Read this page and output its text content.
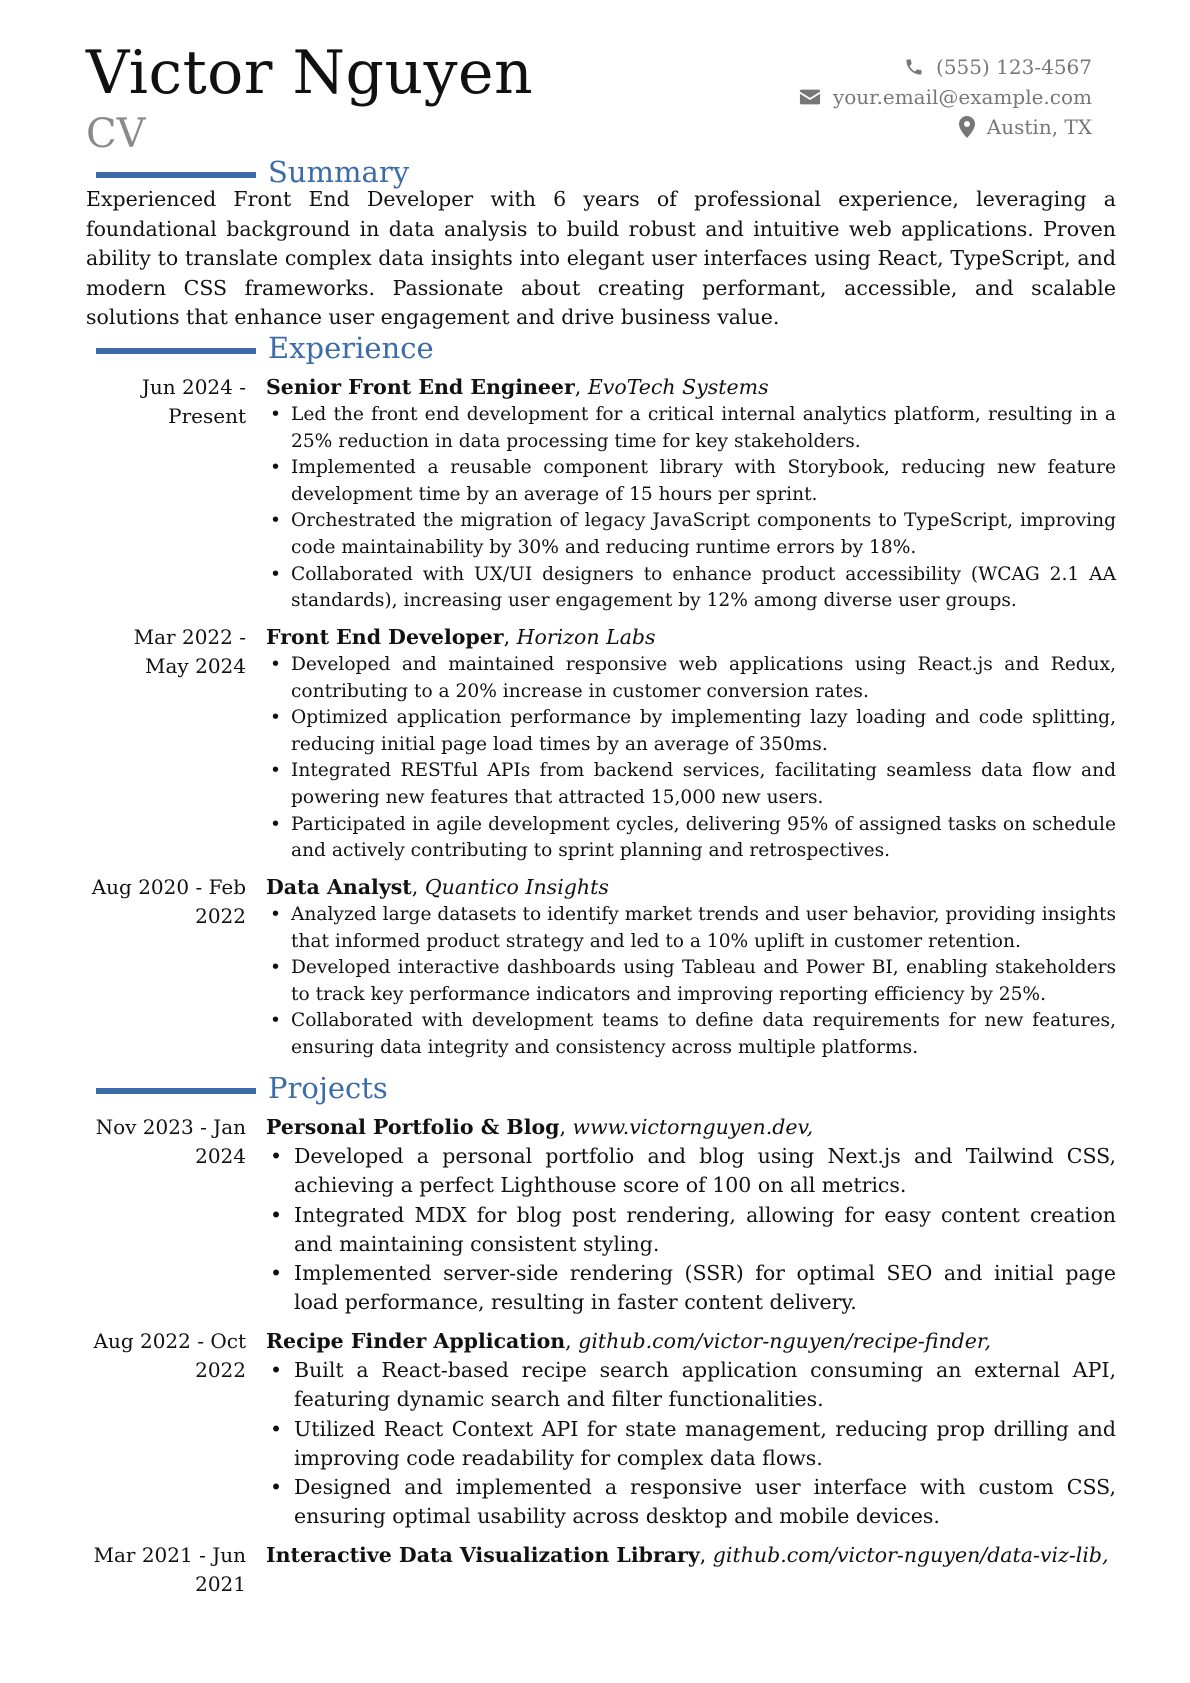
Victor Nguyen
CV
(555) 123-4567
your.email@example.com
Austin, TX
Summary
Experienced Front End Developer with 6 years of professional experience, leveraging a foundational background in data analysis to build robust and intuitive web applications. Proven ability to translate complex data insights into elegant user interfaces using React, TypeScript, and modern CSS frameworks. Passionate about creating performant, accessible, and scalable solutions that enhance user engagement and drive business value.
Experience
Jun 2024 - Present
Senior Front End Engineer, EvoTech Systems
• Led the front end development for a critical internal analytics platform, resulting in a 25% reduction in data processing time for key stakeholders.
• Implemented a reusable component library with Storybook, reducing new feature development time by an average of 15 hours per sprint.
• Orchestrated the migration of legacy JavaScript components to TypeScript, improving code maintainability by 30% and reducing runtime errors by 18%.
• Collaborated with UX/UI designers to enhance product accessibility (WCAG 2.1 AA standards), increasing user engagement by 12% among diverse user groups.
Mar 2022 - May 2024
Front End Developer, Horizon Labs
• Developed and maintained responsive web applications using React.js and Redux, contributing to a 20% increase in customer conversion rates.
• Optimized application performance by implementing lazy loading and code splitting, reducing initial page load times by an average of 350ms.
• Integrated RESTful APIs from backend services, facilitating seamless data flow and powering new features that attracted 15,000 new users.
• Participated in agile development cycles, delivering 95% of assigned tasks on schedule and actively contributing to sprint planning and retrospectives.
Aug 2020 - Feb 2022
Data Analyst, Quantico Insights
• Analyzed large datasets to identify market trends and user behavior, providing insights that informed product strategy and led to a 10% uplift in customer retention.
• Developed interactive dashboards using Tableau and Power BI, enabling stakeholders to track key performance indicators and improving reporting efficiency by 25%.
• Collaborated with development teams to define data requirements for new features, ensuring data integrity and consistency across multiple platforms.
Projects
Nov 2023 - Jan 2024
Personal Portfolio & Blog, www.victornguyen.dev,
• Developed a personal portfolio and blog using Next.js and Tailwind CSS, achieving a perfect Lighthouse score of 100 on all metrics.
• Integrated MDX for blog post rendering, allowing for easy content creation and maintaining consistent styling.
• Implemented server-side rendering (SSR) for optimal SEO and initial page load performance, resulting in faster content delivery.
Aug 2022 - Oct 2022
Recipe Finder Application, github.com/victor-nguyen/recipe-finder,
• Built a React-based recipe search application consuming an external API, featuring dynamic search and filter functionalities.
• Utilized React Context API for state management, reducing prop drilling and improving code readability for complex data flows.
• Designed and implemented a responsive user interface with custom CSS, ensuring optimal usability across desktop and mobile devices.
Mar 2021 - Jun 2021
Interactive Data Visualization Library, github.com/victor-nguyen/data-viz-lib,
